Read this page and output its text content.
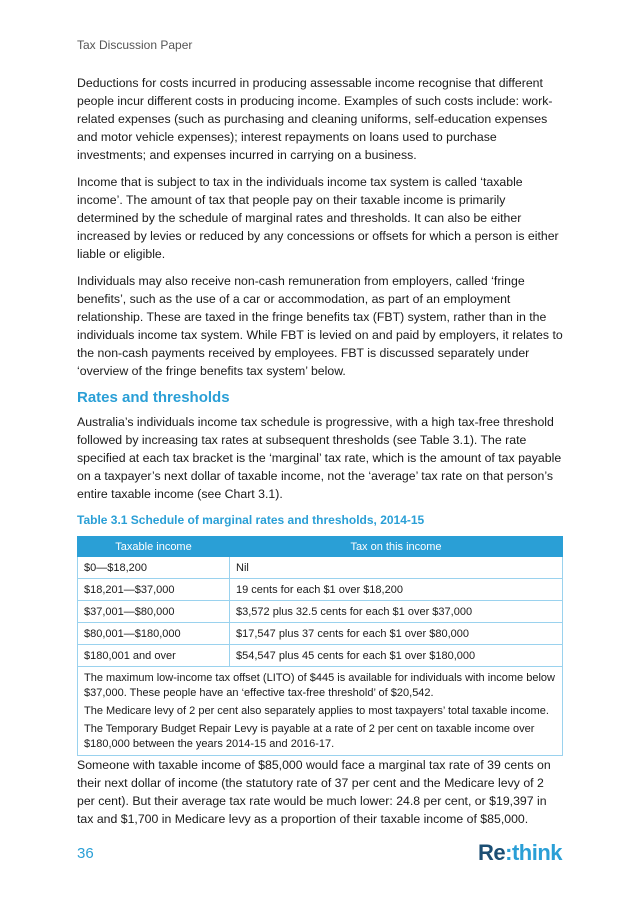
Tax Discussion Paper

Deductions for costs incurred in producing assessable income recognise that different people incur different costs in producing income. Examples of such costs include: work-related expenses (such as purchasing and cleaning uniforms, self-education expenses and motor vehicle expenses); interest repayments on loans used to purchase investments; and expenses incurred in carrying on a business.

Income that is subject to tax in the individuals income tax system is called ‘taxable income’. The amount of tax that people pay on their taxable income is primarily determined by the schedule of marginal rates and thresholds. It can also be either increased by levies or reduced by any concessions or offsets for which a person is either liable or eligible.

Individuals may also receive non-cash remuneration from employers, called ‘fringe benefits’, such as the use of a car or accommodation, as part of an employment relationship. These are taxed in the fringe benefits tax (FBT) system, rather than in the individuals income tax system. While FBT is levied on and paid by employers, it relates to the non-cash payments received by employees. FBT is discussed separately under ‘overview of the fringe benefits tax system’ below.

Rates and thresholds

Australia’s individuals income tax schedule is progressive, with a high tax-free threshold followed by increasing tax rates at subsequent thresholds (see Table 3.1). The rate specified at each tax bracket is the ‘marginal’ tax rate, which is the amount of tax payable on a taxpayer’s next dollar of taxable income, not the ‘average’ tax rate on that person’s entire taxable income (see Chart 3.1).

Table 3.1 Schedule of marginal rates and thresholds, 2014-15
Taxable income	Tax on this income
$0—$18,200	Nil
$18,201—$37,000	19 cents for each $1 over $18,200
$37,001—$80,000	$3,572 plus 32.5 cents for each $1 over $37,000
$80,001—$180,000	$17,547 plus 37 cents for each $1 over $80,000
$180,001 and over	$54,547 plus 45 cents for each $1 over $180,000

The maximum low-income tax offset (LITO) of $445 is available for individuals with income below $37,000. These people have an ‘effective tax-free threshold’ of $20,542.
The Medicare levy of 2 per cent also separately applies to most taxpayers’ total taxable income.
The Temporary Budget Repair Levy is payable at a rate of 2 per cent on taxable income over $180,000 between the years 2014-15 and 2016-17.	

Someone with taxable income of $85,000 would face a marginal tax rate of 39 cents on their next dollar of income (the statutory rate of 37 per cent and the Medicare levy of 2 per cent). But their average tax rate would be much lower: 24.8 per cent, or $19,397 in tax and $1,700 in Medicare levy as a proportion of their taxable income of $85,000.

36	Re:think
